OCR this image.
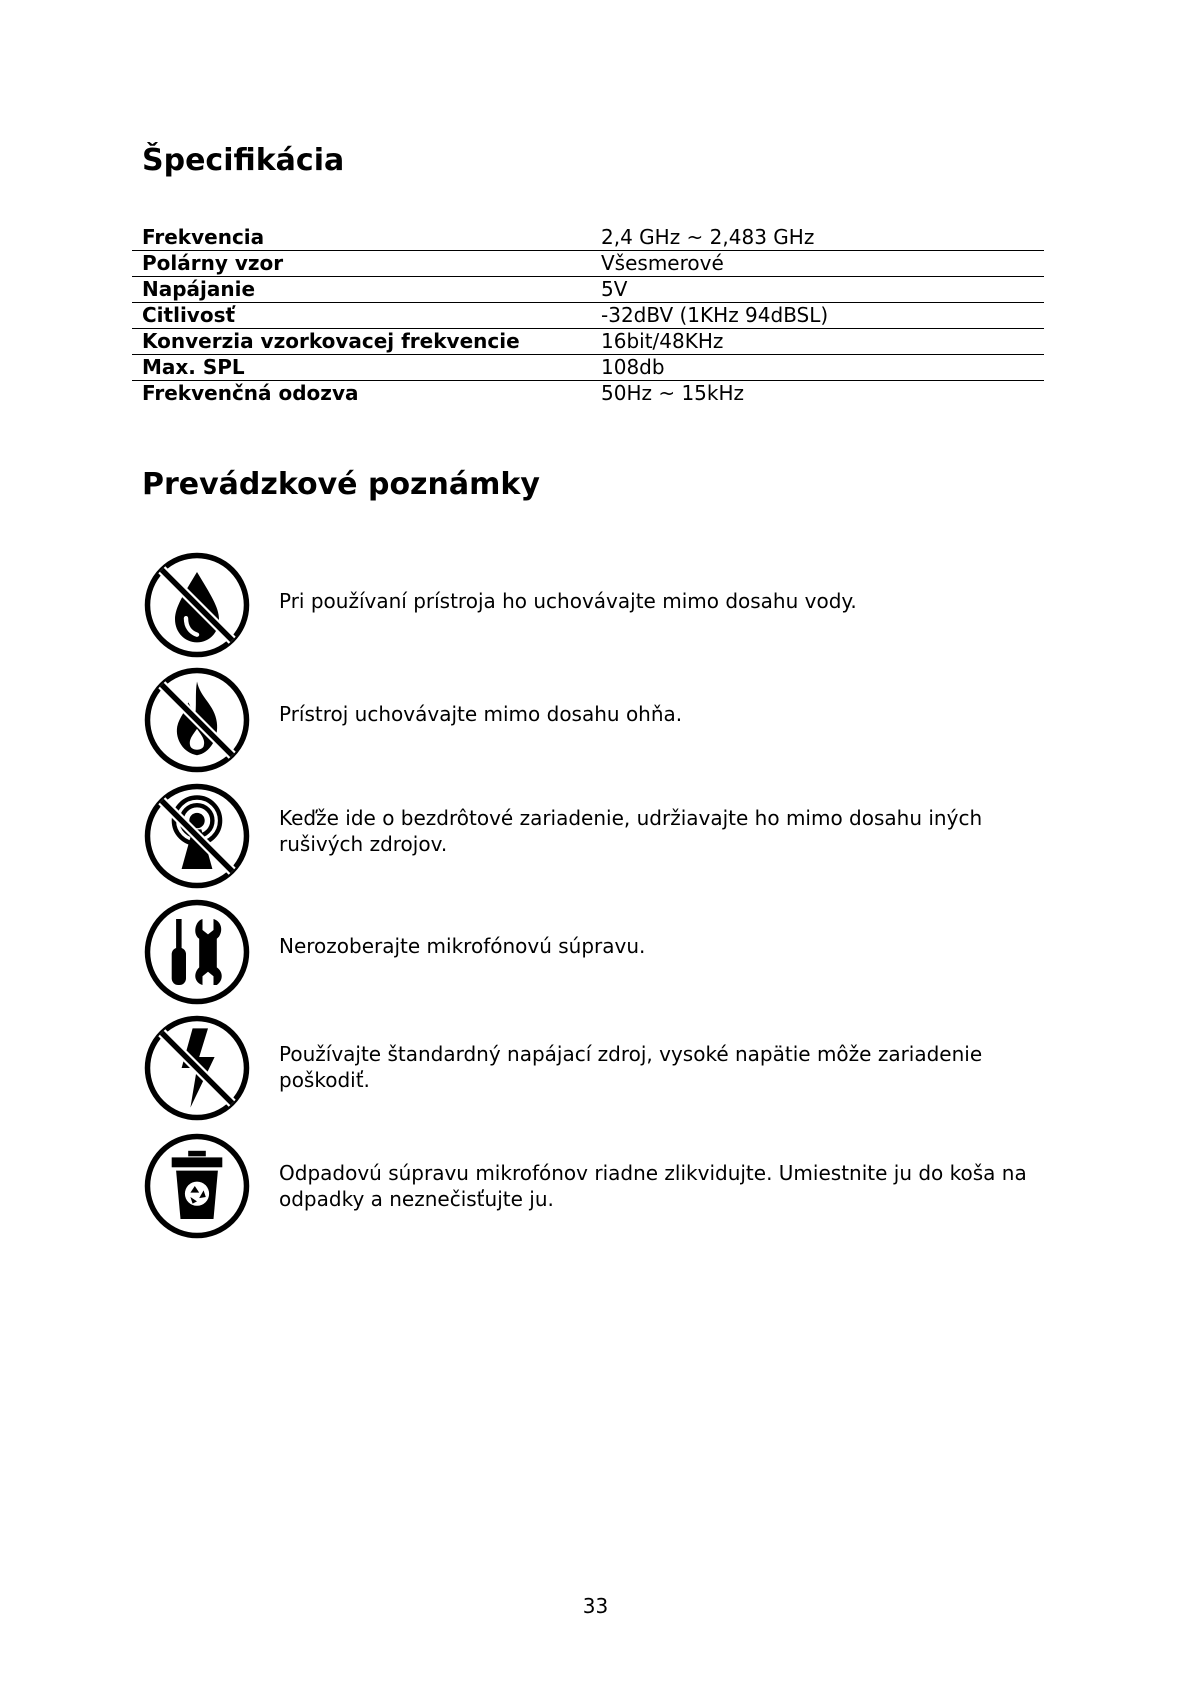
Špecifikácia
Frekvencia	2,4 GHz ~ 2,483 GHz
Polárny vzor	Všesmerové
Napájanie	5V
Citlivosť	-32dBV (1KHz 94dBSL)
Konverzia vzorkovacej frekvencie	16bit/48KHz
Max. SPL	108db
Frekvenčná odozva	50Hz ~ 15kHz
Prevádzkové poznámky
Pri používaní prístroja ho uchovávajte mimo dosahu vody.
Prístroj uchovávajte mimo dosahu ohňa.
Keďže ide o bezdrôtové zariadenie, udržiavajte ho mimo dosahu iných rušivých zdrojov.
Nerozoberajte mikrofónovú súpravu.
Používajte štandardný napájací zdroj, vysoké napätie môže zariadenie poškodiť.
Odpadovú súpravu mikrofónov riadne zlikvidujte. Umiestnite ju do koša na odpadky a neznečisťujte ju.
33
